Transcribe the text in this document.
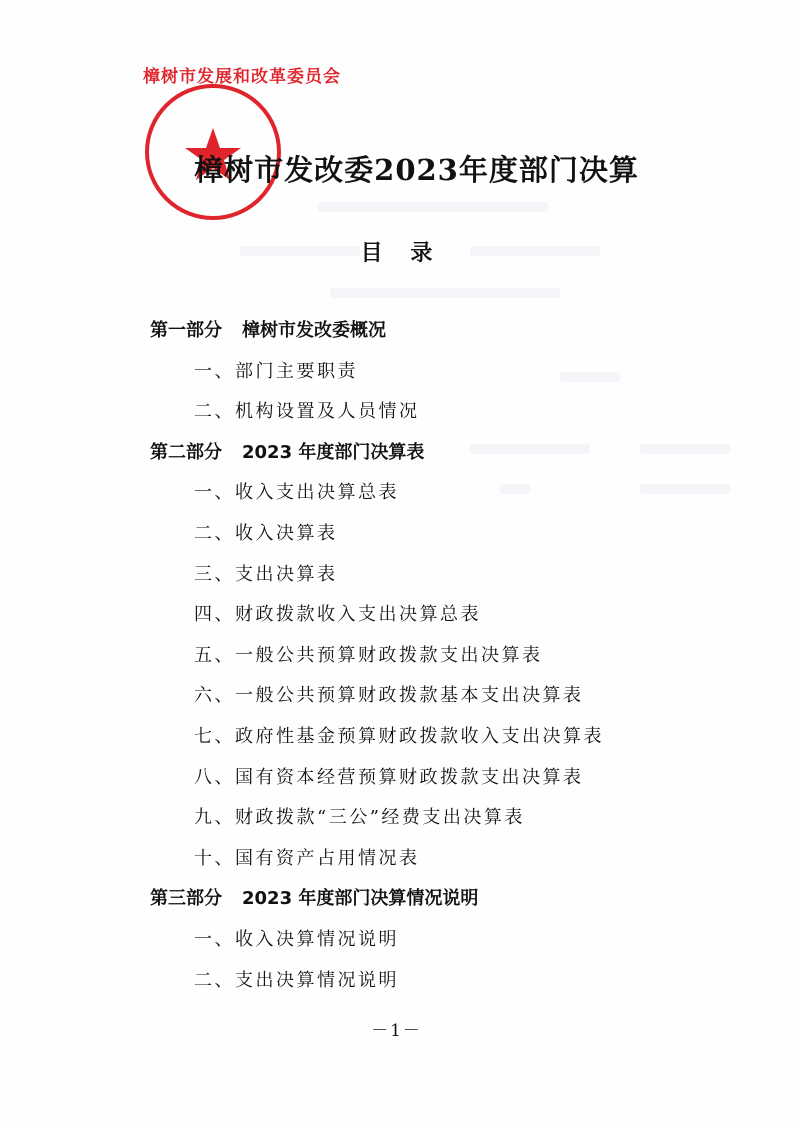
樟树市发展和改革委员会
樟树市发改委2023年度部门决算
目 录
第一部分 樟树市发改委概况
一、部门主要职责
二、机构设置及人员情况
第二部分 2023 年度部门决算表
一、收入支出决算总表
二、收入决算表
三、支出决算表
四、财政拨款收入支出决算总表
五、一般公共预算财政拨款支出决算表
六、一般公共预算财政拨款基本支出决算表
七、政府性基金预算财政拨款收入支出决算表
八、国有资本经营预算财政拨款支出决算表
九、财政拨款“三公”经费支出决算表
十、国有资产占用情况表
第三部分 2023 年度部门决算情况说明
一、收入决算情况说明
二、支出决算情况说明
－1－
